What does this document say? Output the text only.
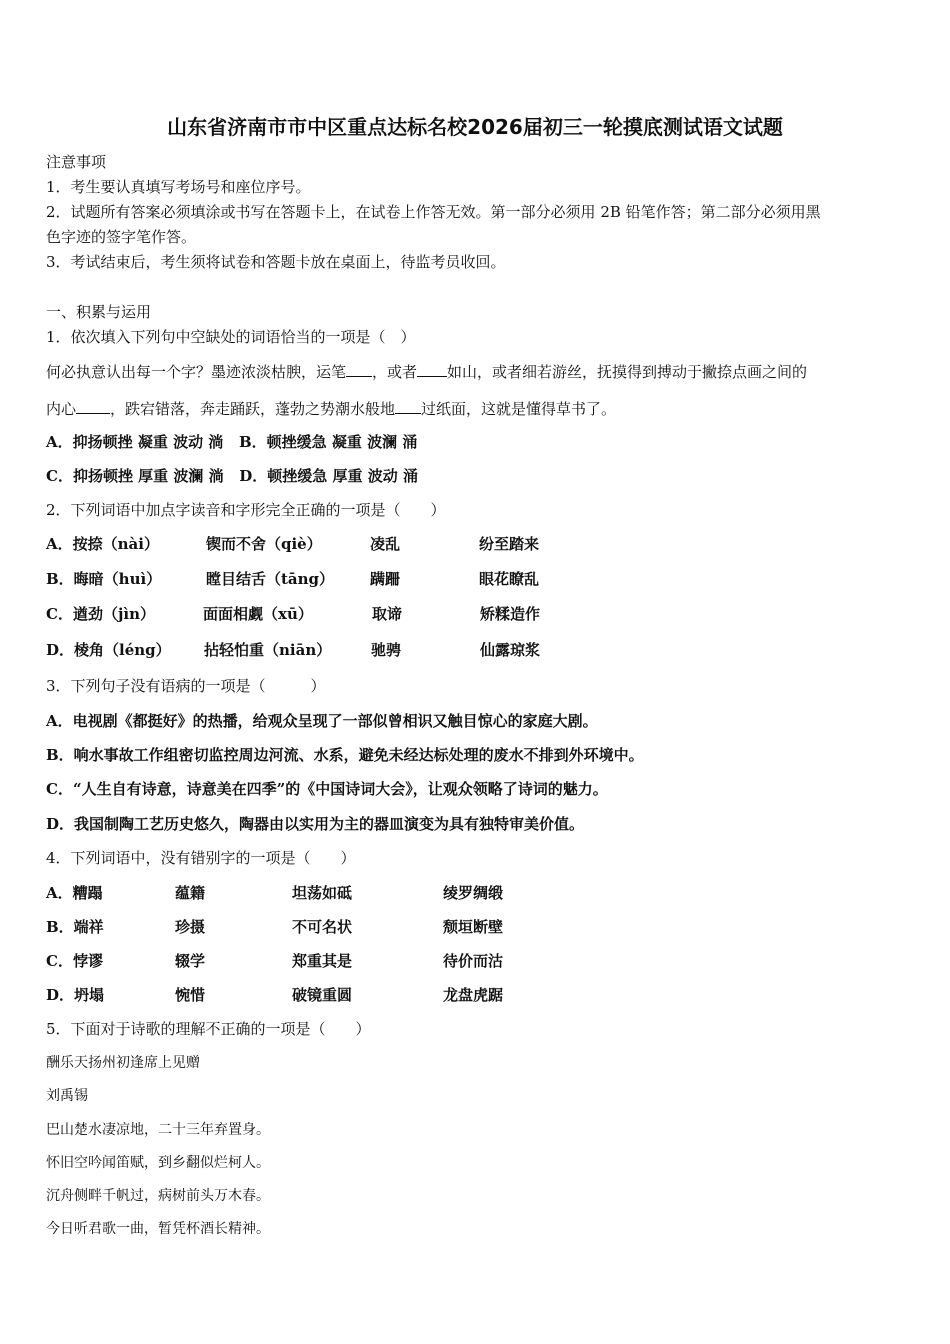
山东省济南市市中区重点达标名校2026届初三一轮摸底测试语文试题
注意事项
1．考生要认真填写考场号和座位序号。
2．试题所有答案必须填涂或书写在答题卡上，在试卷上作答无效。第一部分必须用 2B 铅笔作答；第二部分必须用黑
色字迹的签字笔作答。
3．考试结束后，考生须将试卷和答题卡放在桌面上，待监考员收回。
一、积累与运用
1．依次填入下列句中空缺处的词语恰当的一项是（　）
何必执意认出每一个字？墨迹浓淡枯腴，运笔 ，或者 如山，或者细若游丝，抚摸得到搏动于撇捺点画之间的
内心 ，跌宕错落，奔走踊跃，蓬勃之势潮水般地 过纸面，这就是懂得草书了。
A．抑扬顿挫 凝重 波动 淌 B．顿挫缓急 凝重 波澜 涌
C．抑扬顿挫 厚重 波澜 淌 D．顿挫缓急 厚重 波动 涌
2．下列词语中加点字读音和字形完全正确的一项是（　　）
A．按捺（nài）	锲而不舍（qiè）	凌乱	纷至踏来
B．晦暗（huì）	瞠目结舌（tāng） 蹒跚	眼花瞭乱
C．遒劲（jìn）	面面相觑（xū）	取谛	矫糅造作
D．棱角（léng） 拈轻怕重（niān）	驰骋	仙露琼浆
3．下列句子没有语病的一项是（　　　）
A．电视剧《都挺好》的热播，给观众呈现了一部似曾相识又触目惊心的家庭大剧。
B．响水事故工作组密切监控周边河流、水系，避免未经达标处理的废水不排到外环境中。
C．“人生自有诗意，诗意美在四季”的《中国诗词大会》，让观众领略了诗词的魅力。
D．我国制陶工艺历史悠久，陶器由以实用为主的器皿演变为具有独特审美价值。
4．下列词语中，没有错别字的一项是（　　）
A．糟蹋	蕴籍	坦荡如砥	绫罗绸缎
B．端祥	珍摄	不可名状	颓垣断壁
C．悖谬	辍学	郑重其是	待价而沽
D．坍塌	惋惜	破镜重圆	龙盘虎踞
5．下面对于诗歌的理解不正确的一项是（　　）
酬乐天扬州初逢席上见赠
刘禹锡
巴山楚水凄凉地，二十三年弃置身。
怀旧空吟闻笛赋，到乡翻似烂柯人。
沉舟侧畔千帆过，病树前头万木春。
今日听君歌一曲，暂凭杯酒长精神。
